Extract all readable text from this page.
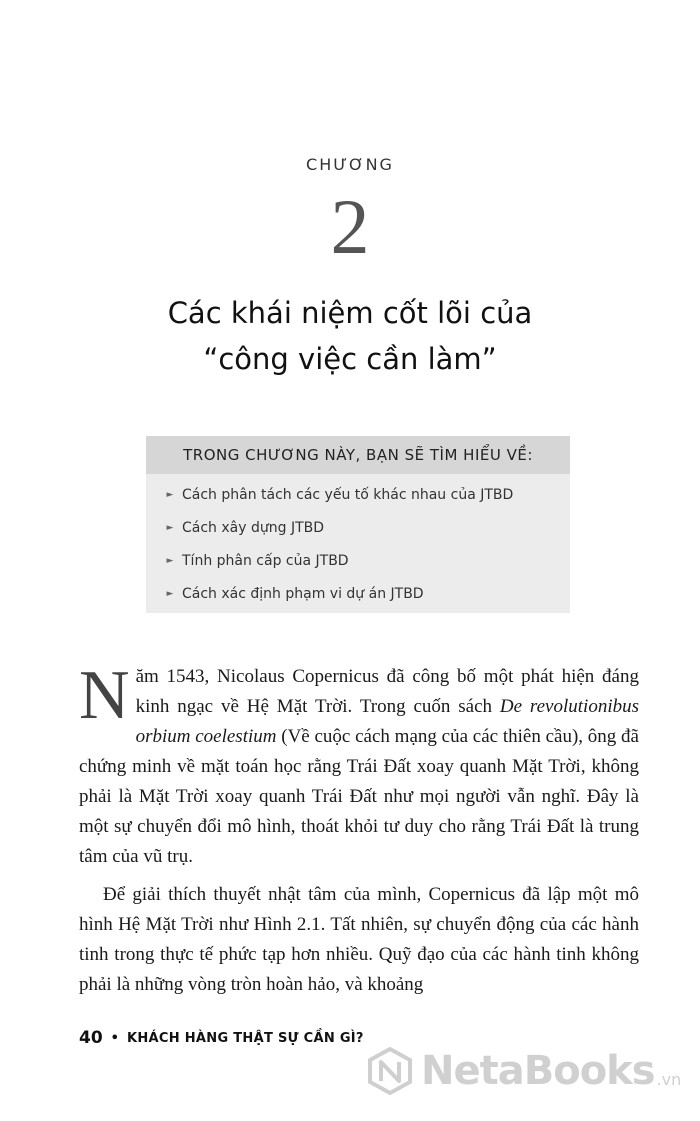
CHƯƠNG
2
Các khái niệm cốt lõi của
“công việc cần làm”
TRONG CHƯƠNG NÀY, BẠN SẼ TÌM HIỂU VỀ:
► Cách phân tách các yếu tố khác nhau của JTBD
► Cách xây dựng JTBD
► Tính phân cấp của JTBD
► Cách xác định phạm vi dự án JTBD

Năm 1543, Nicolaus Copernicus đã công bố một phát hiện đáng kinh ngạc về Hệ Mặt Trời. Trong cuốn sách De revolutionibus orbium coelestium (Về cuộc cách mạng của các thiên cầu), ông đã chứng minh về mặt toán học rằng Trái Đất xoay quanh Mặt Trời, không phải là Mặt Trời xoay quanh Trái Đất như mọi người vẫn nghĩ. Đây là một sự chuyển đổi mô hình, thoát khỏi tư duy cho rằng Trái Đất là trung tâm của vũ trụ.

Để giải thích thuyết nhật tâm của mình, Copernicus đã lập một mô hình Hệ Mặt Trời như Hình 2.1. Tất nhiên, sự chuyển động của các hành tinh trong thực tế phức tạp hơn nhiều. Quỹ đạo của các hành tinh không phải là những vòng tròn hoàn hảo, và khoảng

40 • KHÁCH HÀNG THẬT SỰ CẦN GÌ?
NetaBooks .vn
